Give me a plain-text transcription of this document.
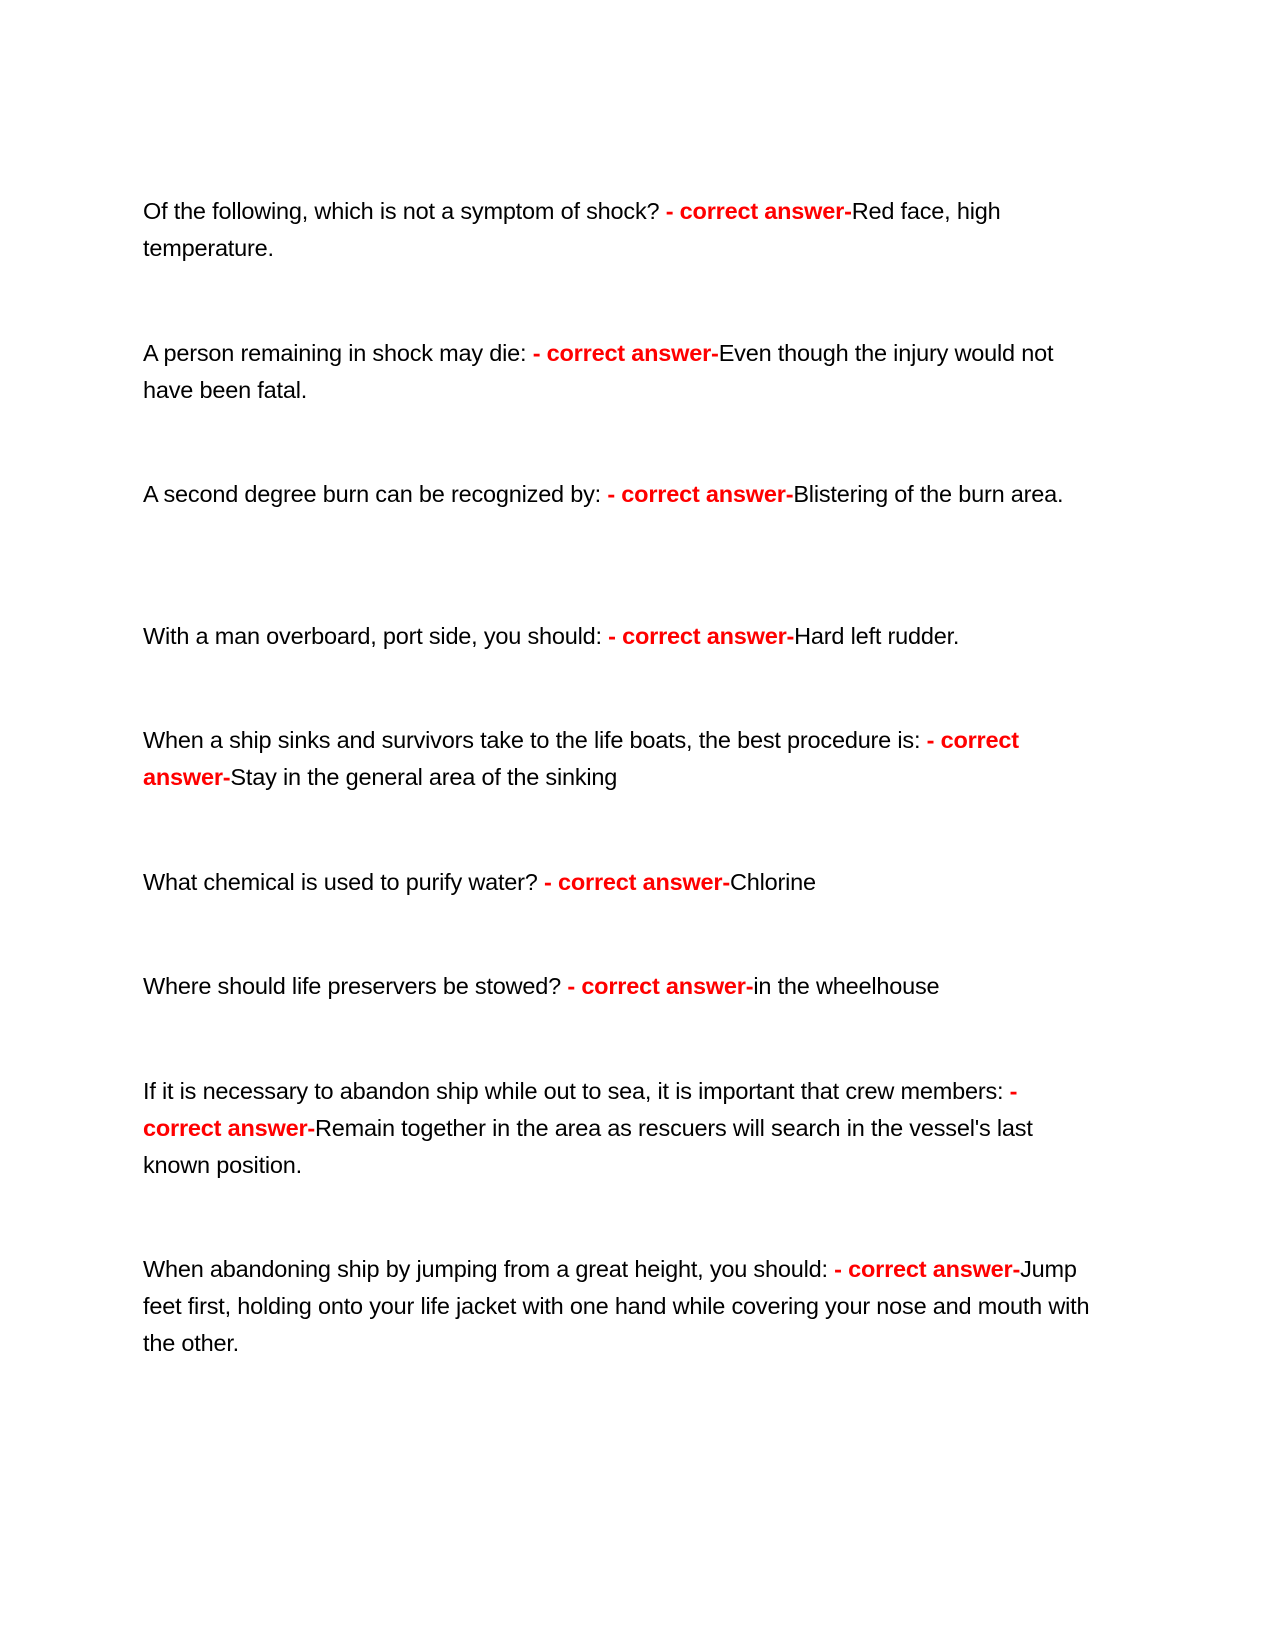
Of the following, which is not a symptom of shock? - correct answer-Red face, high temperature.

A person remaining in shock may die: - correct answer-Even though the injury would not have been fatal.

A second degree burn can be recognized by: - correct answer-Blistering of the burn area.

With a man overboard, port side, you should: - correct answer-Hard left rudder.

When a ship sinks and survivors take to the life boats, the best procedure is: - correct answer-Stay in the general area of the sinking

What chemical is used to purify water? - correct answer-Chlorine

Where should life preservers be stowed? - correct answer-in the wheelhouse

If it is necessary to abandon ship while out to sea, it is important that crew members: - correct answer-Remain together in the area as rescuers will search in the vessel's last known position.

When abandoning ship by jumping from a great height, you should: - correct answer-Jump feet first, holding onto your life jacket with one hand while covering your nose and mouth with the other.
